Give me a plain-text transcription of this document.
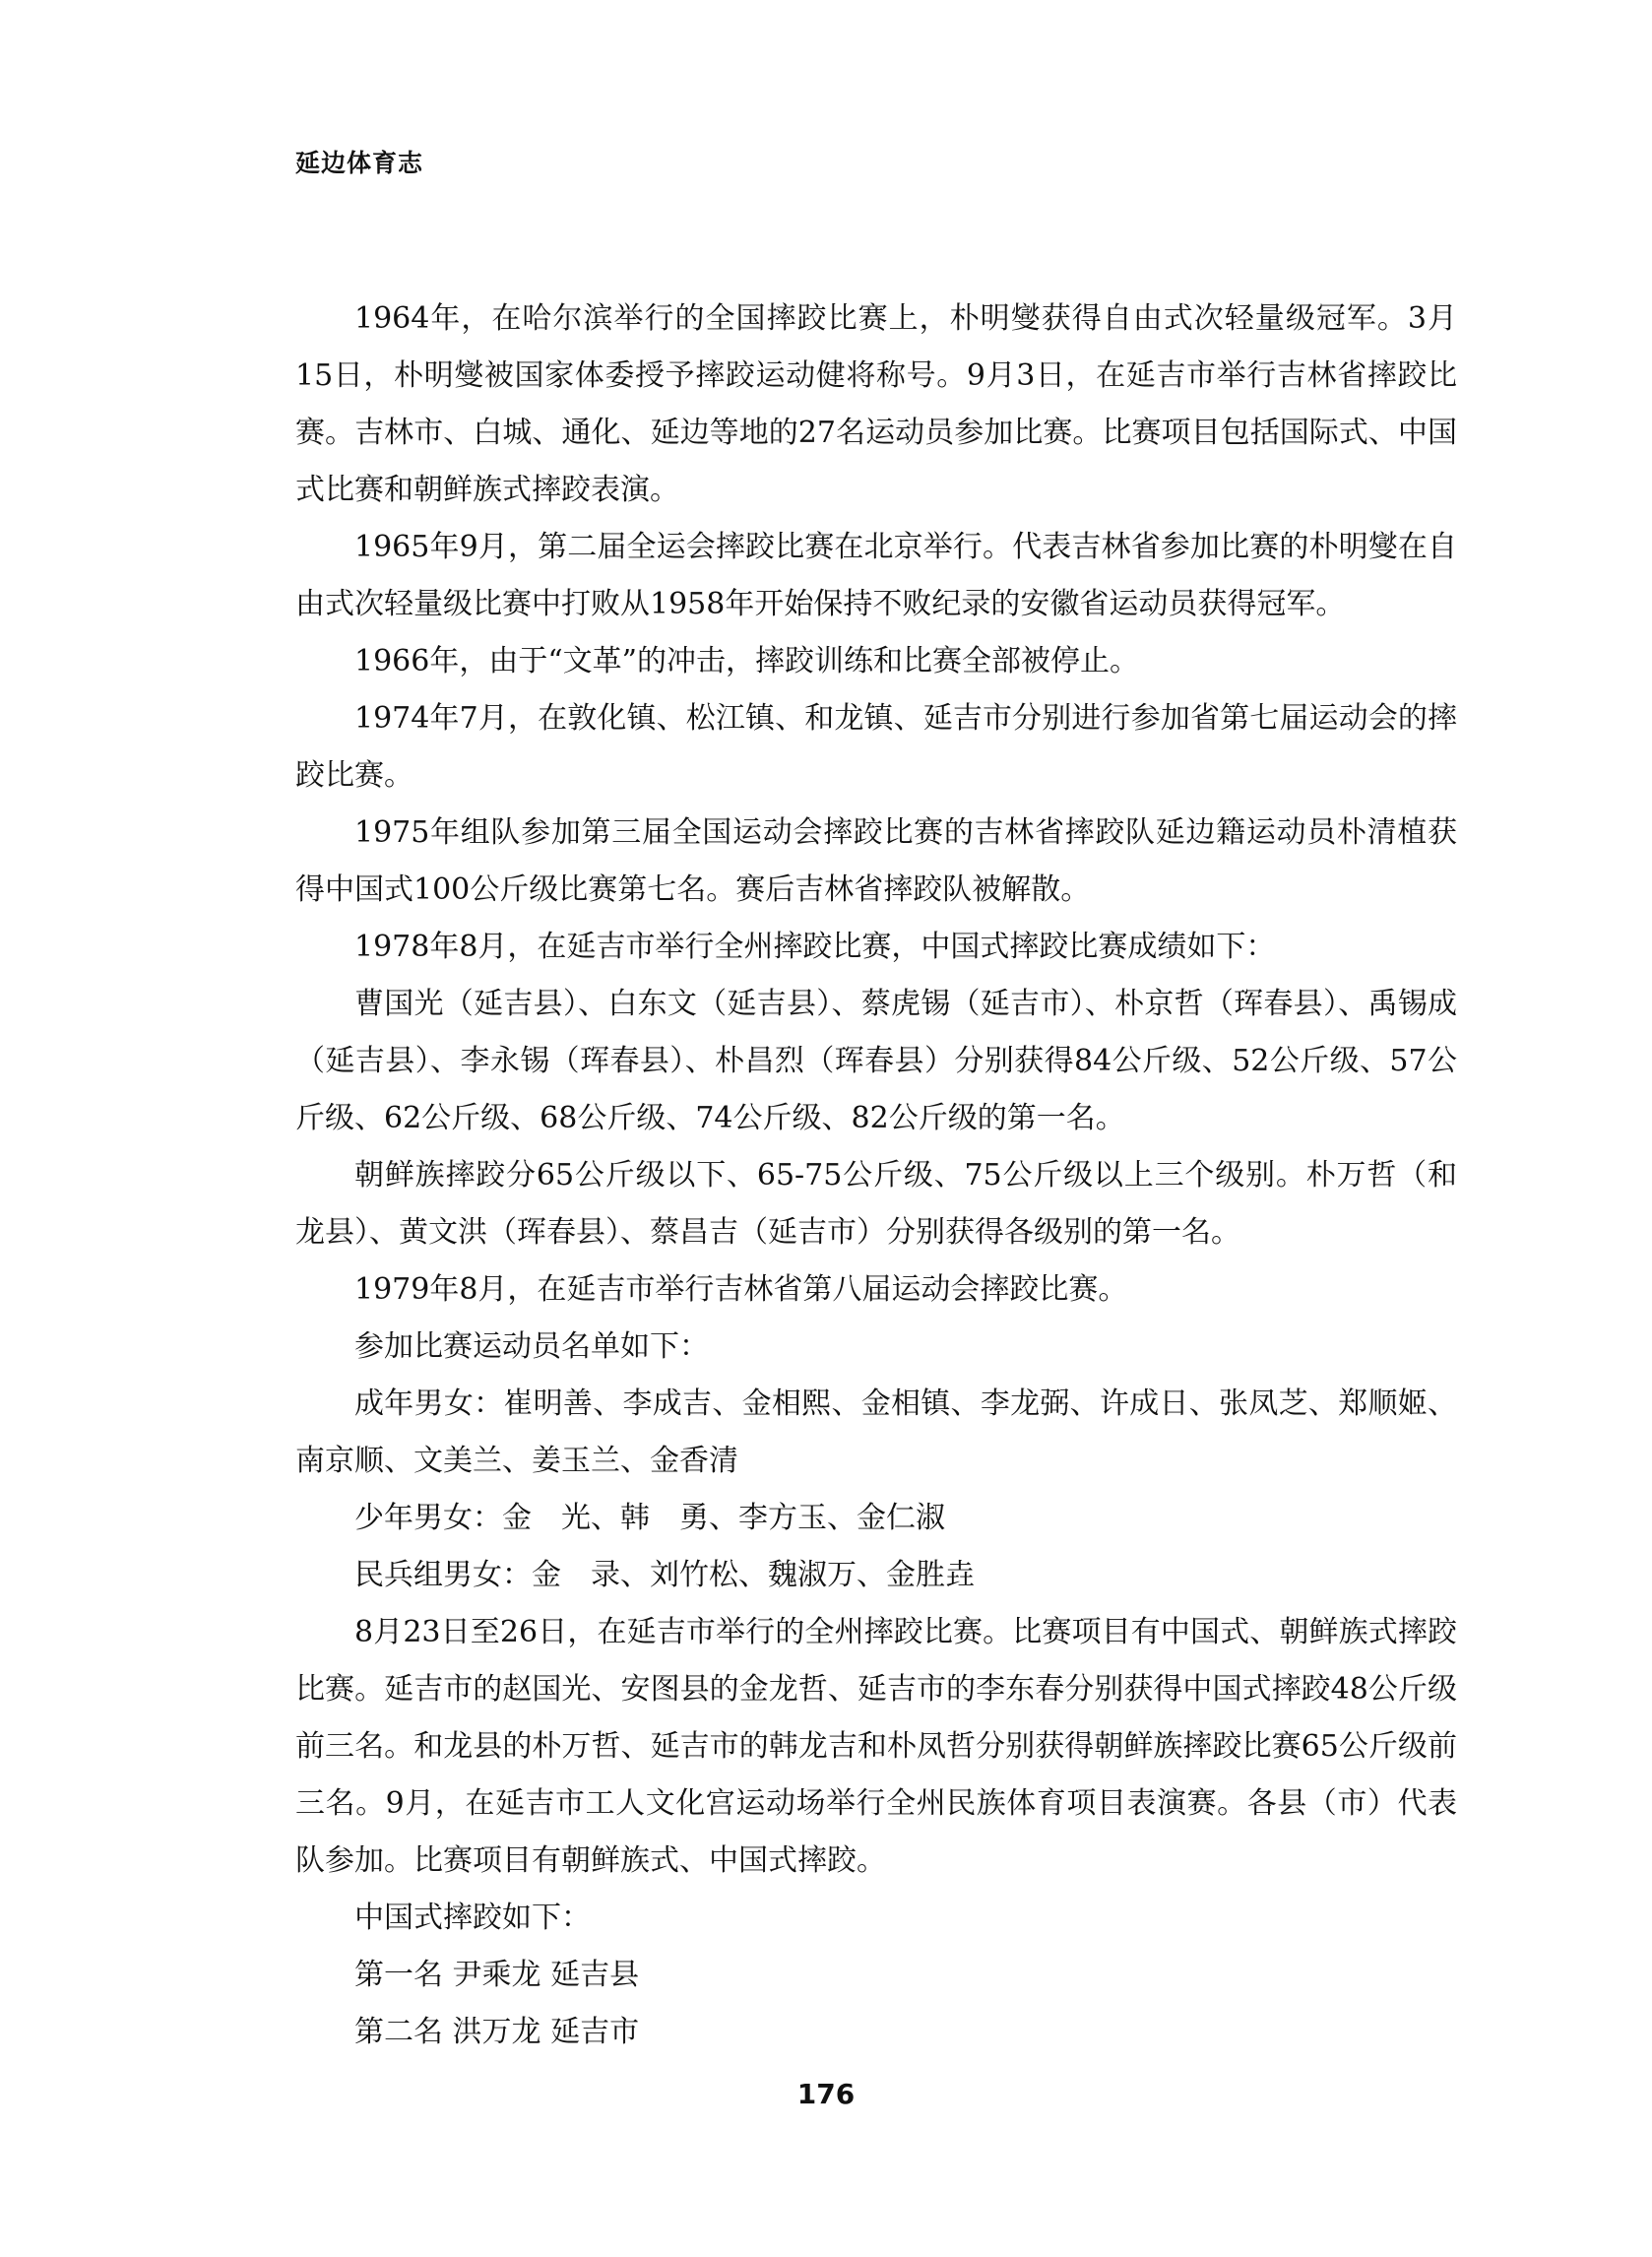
延边体育志

1964年，在哈尔滨举行的全国摔跤比赛上，朴明燮获得自由式次轻量级冠军。3月15日，朴明燮被国家体委授予摔跤运动健将称号。9月3日，在延吉市举行吉林省摔跤比赛。吉林市、白城、通化、延边等地的27名运动员参加比赛。比赛项目包括国际式、中国式比赛和朝鲜族式摔跤表演。

1965年9月，第二届全运会摔跤比赛在北京举行。代表吉林省参加比赛的朴明燮在自由式次轻量级比赛中打败从1958年开始保持不败纪录的安徽省运动员获得冠军。

1966年，由于“文革”的冲击，摔跤训练和比赛全部被停止。

1974年7月，在敦化镇、松江镇、和龙镇、延吉市分别进行参加省第七届运动会的摔跤比赛。

1975年组队参加第三届全国运动会摔跤比赛的吉林省摔跤队延边籍运动员朴清植获得中国式100公斤级比赛第七名。赛后吉林省摔跤队被解散。

1978年8月，在延吉市举行全州摔跤比赛，中国式摔跤比赛成绩如下：

曹国光（延吉县）、白东文（延吉县）、蔡虎锡（延吉市）、朴京哲（珲春县）、禹锡成（延吉县）、李永锡（珲春县）、朴昌烈（珲春县）分别获得84公斤级、52公斤级、57公斤级、62公斤级、68公斤级、74公斤级、82公斤级的第一名。

朝鲜族摔跤分65公斤级以下、65-75公斤级、75公斤级以上三个级别。朴万哲（和龙县）、黄文洪（珲春县）、蔡昌吉（延吉市）分别获得各级别的第一名。

1979年8月，在延吉市举行吉林省第八届运动会摔跤比赛。

参加比赛运动员名单如下：

成年男女：崔明善、李成吉、金相熙、金相镇、李龙弼、许成日、张凤芝、郑顺姬、南京顺、文美兰、姜玉兰、金香清

少年男女：金　光、韩　勇、李方玉、金仁淑

民兵组男女：金　录、刘竹松、魏淑万、金胜垚

8月23日至26日，在延吉市举行的全州摔跤比赛。比赛项目有中国式、朝鲜族式摔跤比赛。延吉市的赵国光、安图县的金龙哲、延吉市的李东春分别获得中国式摔跤48公斤级前三名。和龙县的朴万哲、延吉市的韩龙吉和朴凤哲分别获得朝鲜族摔跤比赛65公斤级前三名。9月，在延吉市工人文化宫运动场举行全州民族体育项目表演赛。各县（市）代表队参加。比赛项目有朝鲜族式、中国式摔跤。

中国式摔跤如下：

第一名 尹乘龙 延吉县

第二名 洪万龙 延吉市

176
